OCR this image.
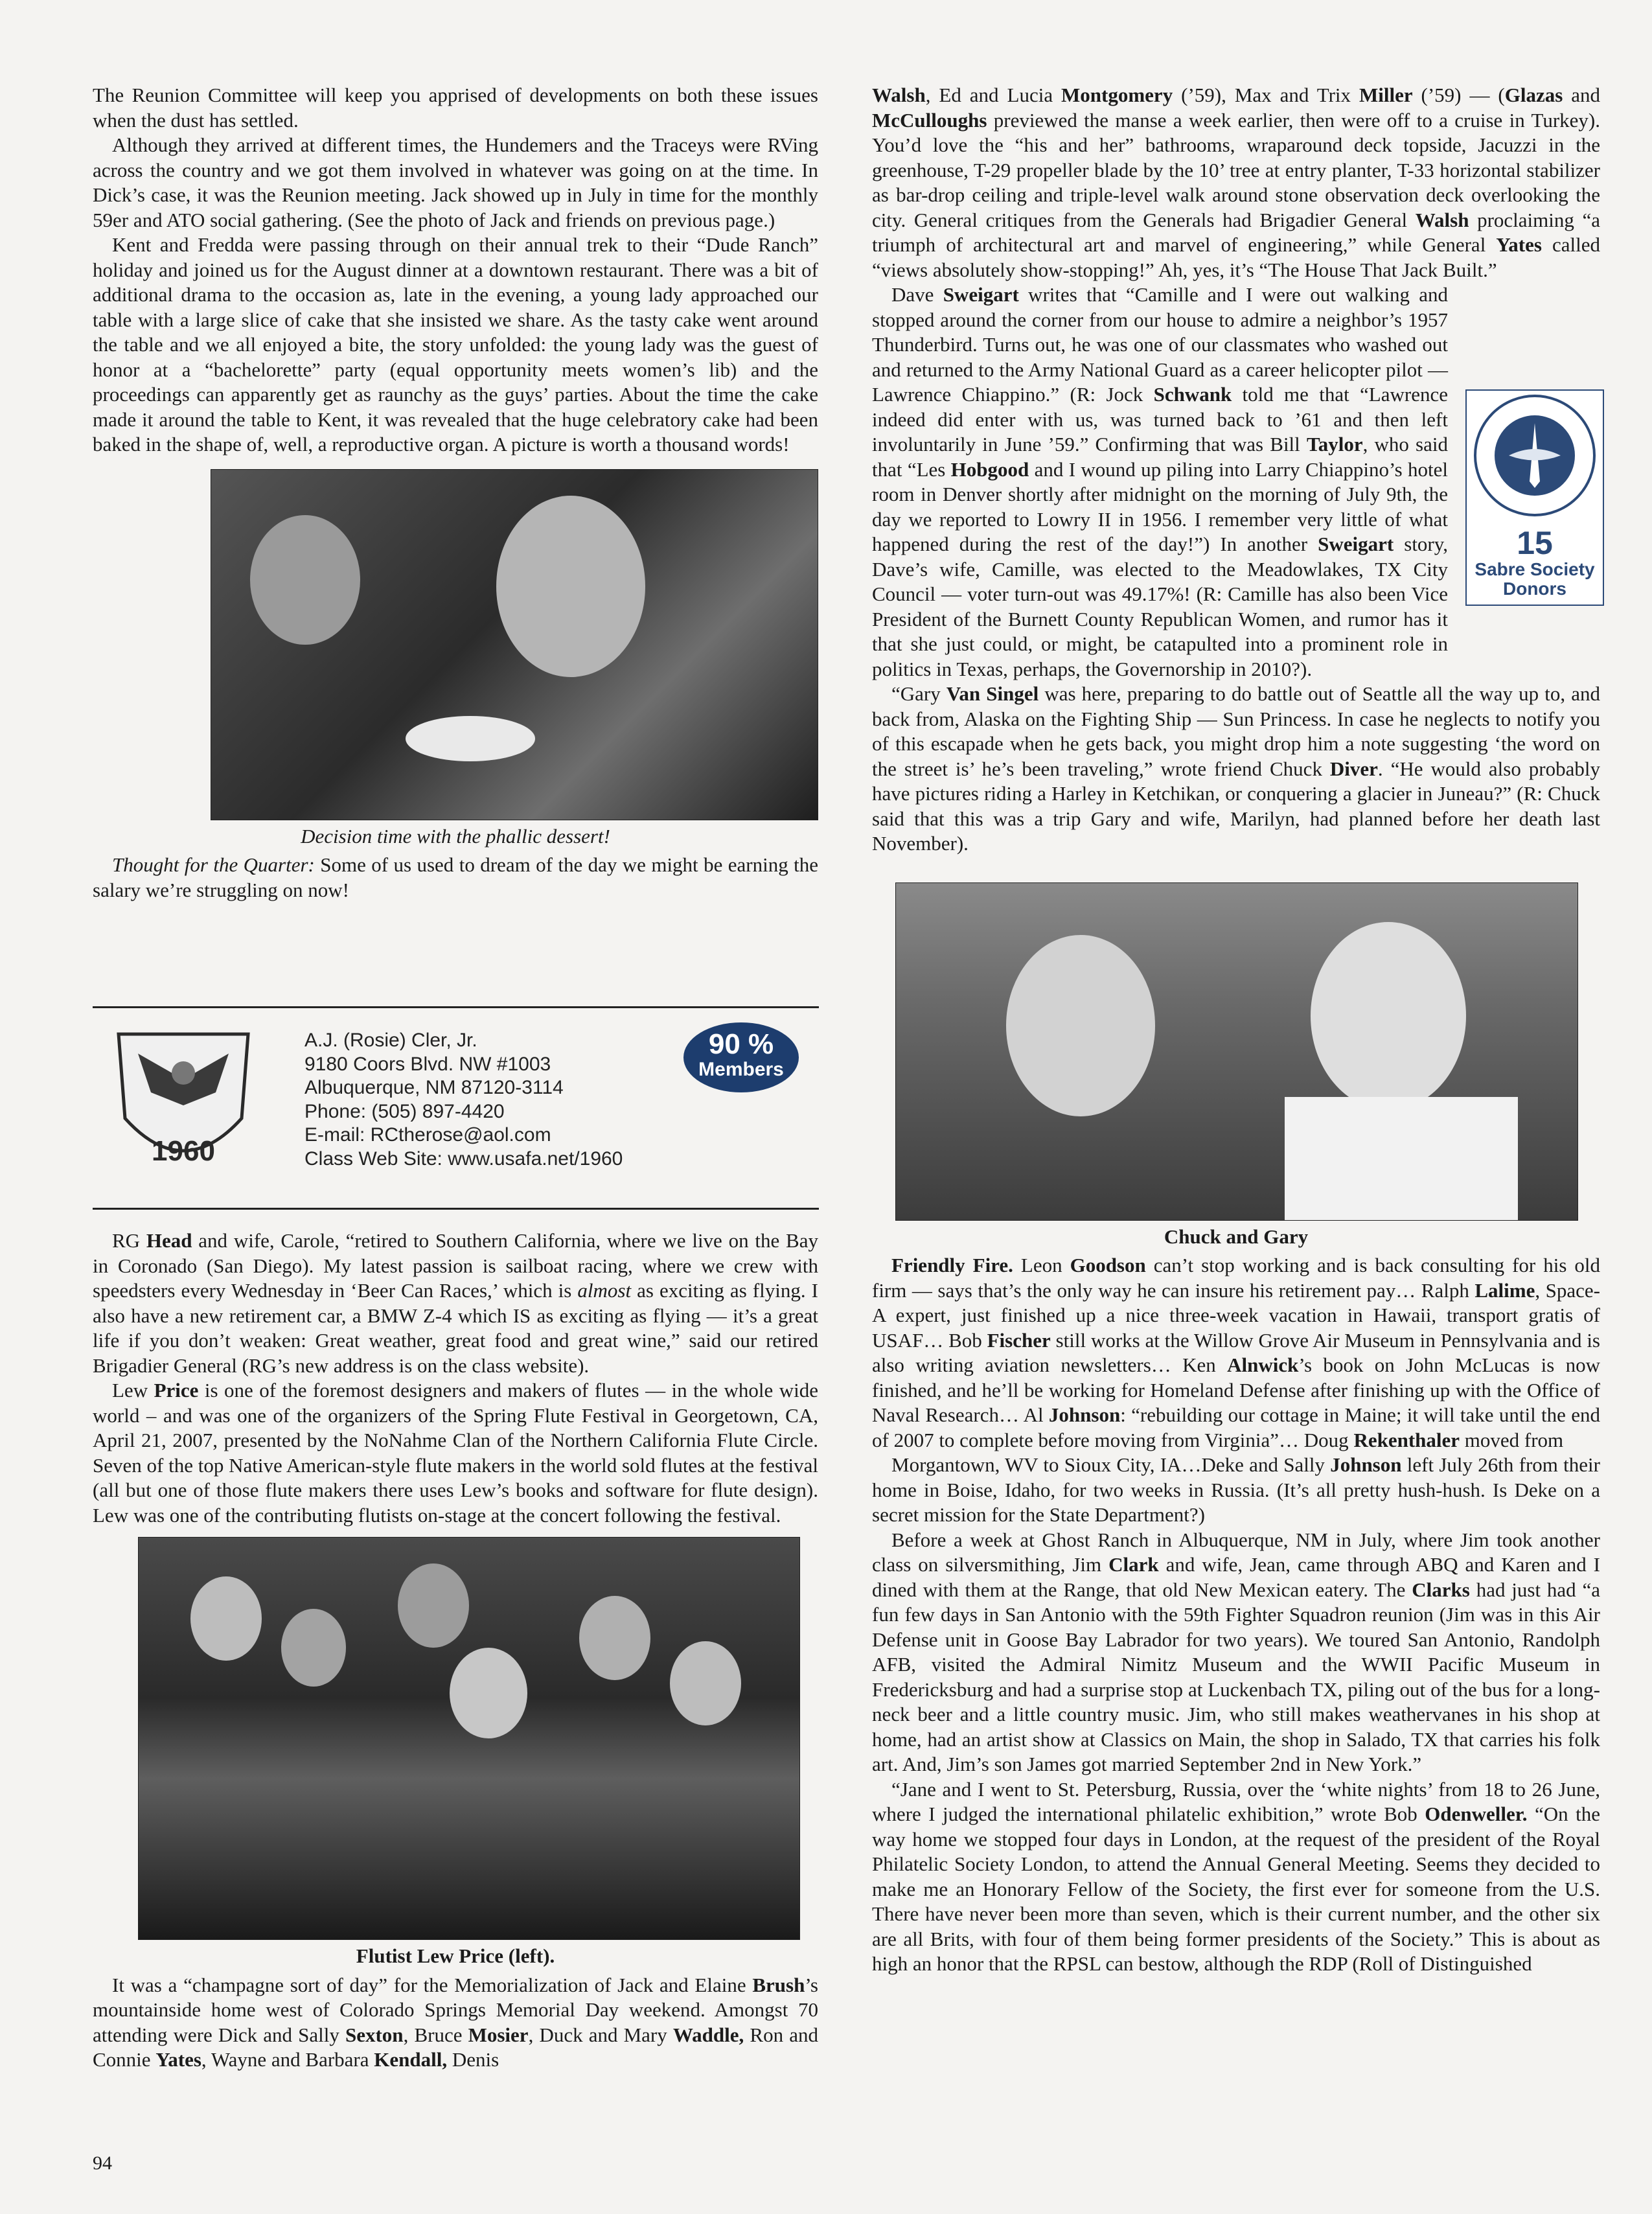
The Reunion Committee will keep you apprised of developments on both these issues when the dust has settled.

Although they arrived at different times, the Hundemers and the Traceys were RVing across the country and we got them involved in whatever was going on at the time. In Dick’s case, it was the Reunion meeting. Jack showed up in July in time for the monthly 59er and ATO social gathering. (See the photo of Jack and friends on previous page.)

Kent and Fredda were passing through on their annual trek to their “Dude Ranch” holiday and joined us for the August dinner at a downtown restaurant. There was a bit of additional drama to the occasion as, late in the evening, a young lady approached our table with a large slice of cake that she insisted we share. As the tasty cake went around the table and we all enjoyed a bite, the story unfolded: the young lady was the guest of honor at a “bachelorette” party (equal opportunity meets women’s lib) and the proceedings can apparently get as raunchy as the guys’ parties. About the time the cake made it around the table to Kent, it was revealed that the huge celebratory cake had been baked in the shape of, well, a reproductive organ. A picture is worth a thousand words!

Decision time with the phallic dessert!

Thought for the Quarter: Some of us used to dream of the day we might be earning the salary we’re struggling on now!

1960
A.J. (Rosie) Cler, Jr.
9180 Coors Blvd. NW #1003
Albuquerque, NM 87120-3114
Phone: (505) 897-4420
E-mail: RCtherose@aol.com
Class Web Site: www.usafa.net/1960
90 %
Members

RG Head and wife, Carole, “retired to Southern California, where we live on the Bay in Coronado (San Diego). My latest passion is sailboat racing, where we crew with speedsters every Wednesday in ‘Beer Can Races,’ which is almost as exciting as flying. I also have a new retirement car, a BMW Z-4 which IS as exciting as flying — it’s a great life if you don’t weaken: Great weather, great food and great wine,” said our retired Brigadier General (RG’s new address is on the class website).

Lew Price is one of the foremost designers and makers of flutes — in the whole wide world – and was one of the organizers of the Spring Flute Festival in Georgetown, CA, April 21, 2007, presented by the NoNahme Clan of the Northern California Flute Circle. Seven of the top Native American-style flute makers in the world sold flutes at the festival (all but one of those flute makers there uses Lew’s books and software for flute design). Lew was one of the contributing flutists on-stage at the concert following the festival.

Flutist Lew Price (left).

It was a “champagne sort of day” for the Memorialization of Jack and Elaine Brush’s mountainside home west of Colorado Springs Memorial Day weekend. Amongst 70 attending were Dick and Sally Sexton, Bruce Mosier, Duck and Mary Waddle, Ron and Connie Yates, Wayne and Barbara Kendall, Denis

Walsh, Ed and Lucia Montgomery (’59), Max and Trix Miller (’59) — (Glazas and McCulloughs previewed the manse a week earlier, then were off to a cruise in Turkey). You’d love the “his and her” bathrooms, wraparound deck topside, Jacuzzi in the greenhouse, T-29 propeller blade by the 10’ tree at entry planter, T-33 horizontal stabilizer as bar-drop ceiling and triple-level walk around stone observation deck overlooking the city. General critiques from the Generals had Brigadier General Walsh proclaiming “a triumph of architectural art and marvel of engineering,” while General Yates called “views absolutely show-stopping!” Ah, yes, it’s “The House That Jack Built.”

Dave Sweigart writes that “Camille and I were out walking and stopped around the corner from our house to admire a neighbor’s 1957 Thunderbird. Turns out, he was one of our classmates who washed out and returned to the Army National Guard as a career helicopter pilot — Lawrence Chiappino.” (R: Jock Schwank told me that “Lawrence indeed did enter with us, was turned back to ’61 and then left involuntarily in June ’59.” Confirming that was Bill Taylor, who said that “Les Hobgood and I wound up piling into Larry Chiappino’s hotel room in Denver shortly after midnight on the morning of July 9th, the day we reported to Lowry II in 1956. I remember very little of what happened during the rest of the day!”) In another Sweigart story, Dave’s wife, Camille, was elected to the Meadowlakes, TX City Council — voter turn-out was 49.17%! (R: Camille has also been Vice President of the Burnett County Republican Women, and rumor has it that she just could, or might, be catapulted into a prominent role in politics in Texas, perhaps, the Governorship in 2010?).

“Gary Van Singel was here, preparing to do battle out of Seattle all the way up to, and back from, Alaska on the Fighting Ship — Sun Princess. In case he neglects to notify you of this escapade when he gets back, you might drop him a note suggesting ‘the word on the street is’ he’s been traveling,” wrote friend Chuck Diver. “He would also probably have pictures riding a Harley in Ketchikan, or conquering a glacier in Juneau?” (R: Chuck said that this was a trip Gary and wife, Marilyn, had planned before her death last November).

Chuck and Gary

Friendly Fire. Leon Goodson can’t stop working and is back consulting for his old firm — says that’s the only way he can insure his retirement pay… Ralph Lalime, Space-A expert, just finished up a nice three-week vacation in Hawaii, transport gratis of USAF… Bob Fischer still works at the Willow Grove Air Museum in Pennsylvania and is also writing aviation newsletters… Ken Alnwick’s book on John McLucas is now finished, and he’ll be working for Homeland Defense after finishing up with the Office of Naval Research… Al Johnson: “rebuilding our cottage in Maine; it will take until the end of 2007 to complete before moving from Virginia”… Doug Rekenthaler moved from

Morgantown, WV to Sioux City, IA…Deke and Sally Johnson left July 26th from their home in Boise, Idaho, for two weeks in Russia. (It’s all pretty hush-hush. Is Deke on a secret mission for the State Department?)

Before a week at Ghost Ranch in Albuquerque, NM in July, where Jim took another class on silversmithing, Jim Clark and wife, Jean, came through ABQ and Karen and I dined with them at the Range, that old New Mexican eatery. The Clarks had just had “a fun few days in San Antonio with the 59th Fighter Squadron reunion (Jim was in this Air Defense unit in Goose Bay Labrador for two years). We toured San Antonio, Randolph AFB, visited the Admiral Nimitz Museum and the WWII Pacific Museum in Fredericksburg and had a surprise stop at Luckenbach TX, piling out of the bus for a long-neck beer and a little country music. Jim, who still makes weathervanes in his shop at home, had an artist show at Classics on Main, the shop in Salado, TX that carries his folk art. And, Jim’s son James got married September 2nd in New York.”

“Jane and I went to St. Petersburg, Russia, over the ‘white nights’ from 18 to 26 June, where I judged the international philatelic exhibition,” wrote Bob Odenweller. “On the way home we stopped four days in London, at the request of the president of the Royal Philatelic Society London, to attend the Annual General Meeting. Seems they decided to make me an Honorary Fellow of the Society, the first ever for someone from the U.S. There have never been more than seven, which is their current number, and the other six are all Brits, with four of them being former presidents of the Society.” This is about as high an honor that the RPSL can bestow, although the RDP (Roll of Distinguished

15
Sabre Society
Donors
94
